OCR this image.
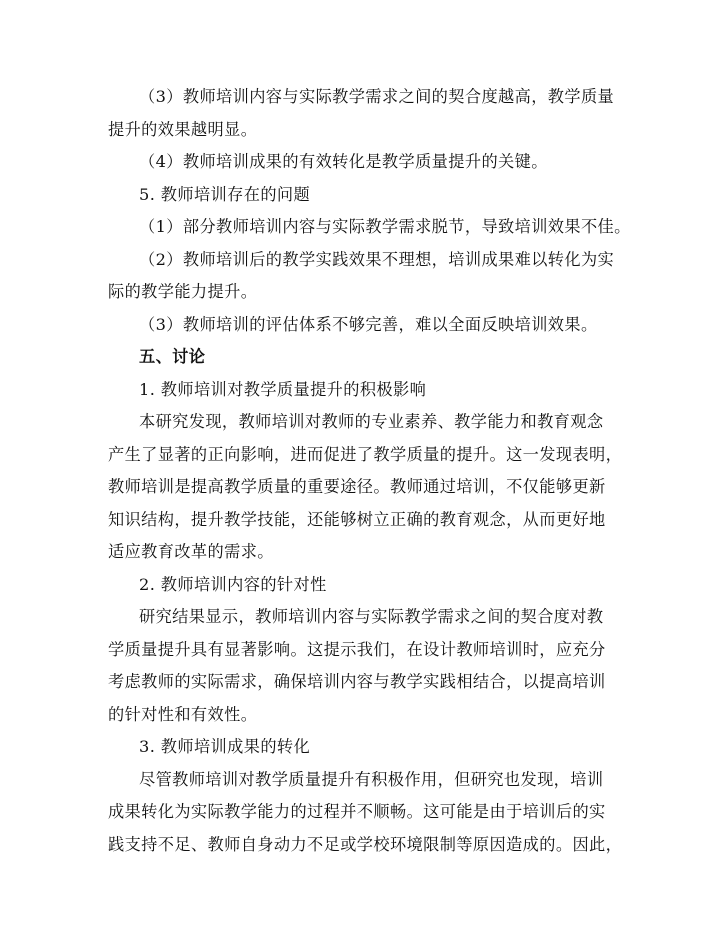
（3）教师培训内容与实际教学需求之间的契合度越高，教学质量
提升的效果越明显。
（4）教师培训成果的有效转化是教学质量提升的关键。
5. 教师培训存在的问题
（1）部分教师培训内容与实际教学需求脱节，导致培训效果不佳。
（2）教师培训后的教学实践效果不理想，培训成果难以转化为实
际的教学能力提升。
（3）教师培训的评估体系不够完善，难以全面反映培训效果。
五、讨论
1. 教师培训对教学质量提升的积极影响
本研究发现，教师培训对教师的专业素养、教学能力和教育观念
产生了显著的正向影响，进而促进了教学质量的提升。这一发现表明，
教师培训是提高教学质量的重要途径。教师通过培训，不仅能够更新
知识结构，提升教学技能，还能够树立正确的教育观念，从而更好地
适应教育改革的需求。
2. 教师培训内容的针对性
研究结果显示，教师培训内容与实际教学需求之间的契合度对教
学质量提升具有显著影响。这提示我们，在设计教师培训时，应充分
考虑教师的实际需求，确保培训内容与教学实践相结合，以提高培训
的针对性和有效性。
3. 教师培训成果的转化
尽管教师培训对教学质量提升有积极作用，但研究也发现，培训
成果转化为实际教学能力的过程并不顺畅。这可能是由于培训后的实
践支持不足、教师自身动力不足或学校环境限制等原因造成的。因此，
